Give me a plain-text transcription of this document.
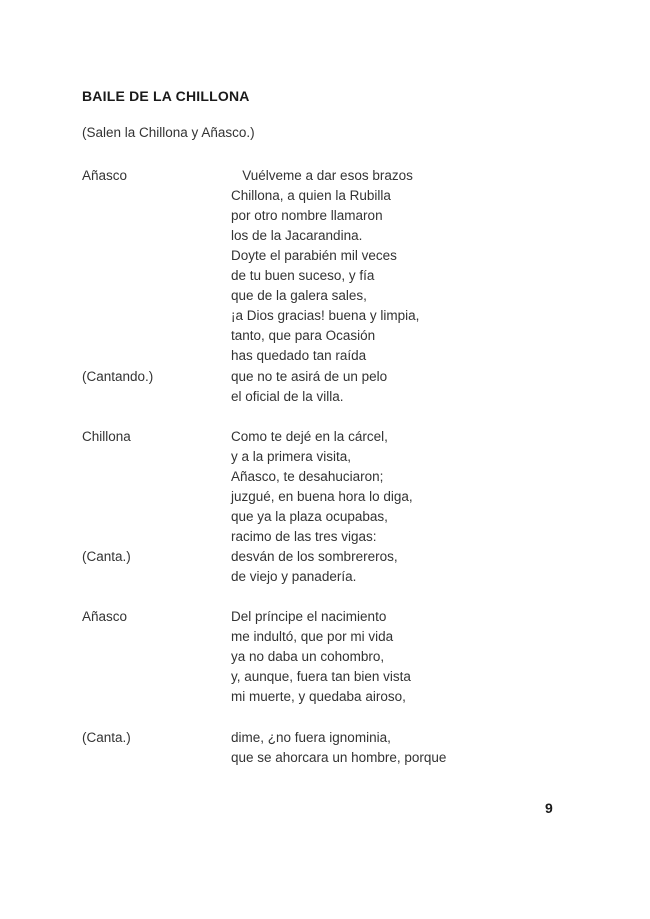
BAILE DE LA CHILLONA
(Salen la Chillona y Añasco.)
Añasco	Vuélveme a dar esos brazos
Chillona, a quien la Rubilla
por otro nombre llamaron
los de la Jacarandina.
Doyte el parabién mil veces
de tu buen suceso, y fía
que de la galera sales,
¡a Dios gracias! buena y limpia,
tanto, que para Ocasión
has quedado tan raída
(Cantando.)	que no te asirá de un pelo
el oficial de la villa.
Chillona	Como te dejé en la cárcel,
y a la primera visita,
Añasco, te desahuciaron;
juzgué, en buena hora lo diga,
que ya la plaza ocupabas,
racimo de las tres vigas:
(Canta.)	desván de los sombrereros,
de viejo y panadería.
Añasco	Del príncipe el nacimiento
me indultó, que por mi vida
ya no daba un cohombro,
y, aunque, fuera tan bien vista
mi muerte, y quedaba airoso,
(Canta.)	dime, ¿no fuera ignominia,
que se ahorcara un hombre, porque
9
